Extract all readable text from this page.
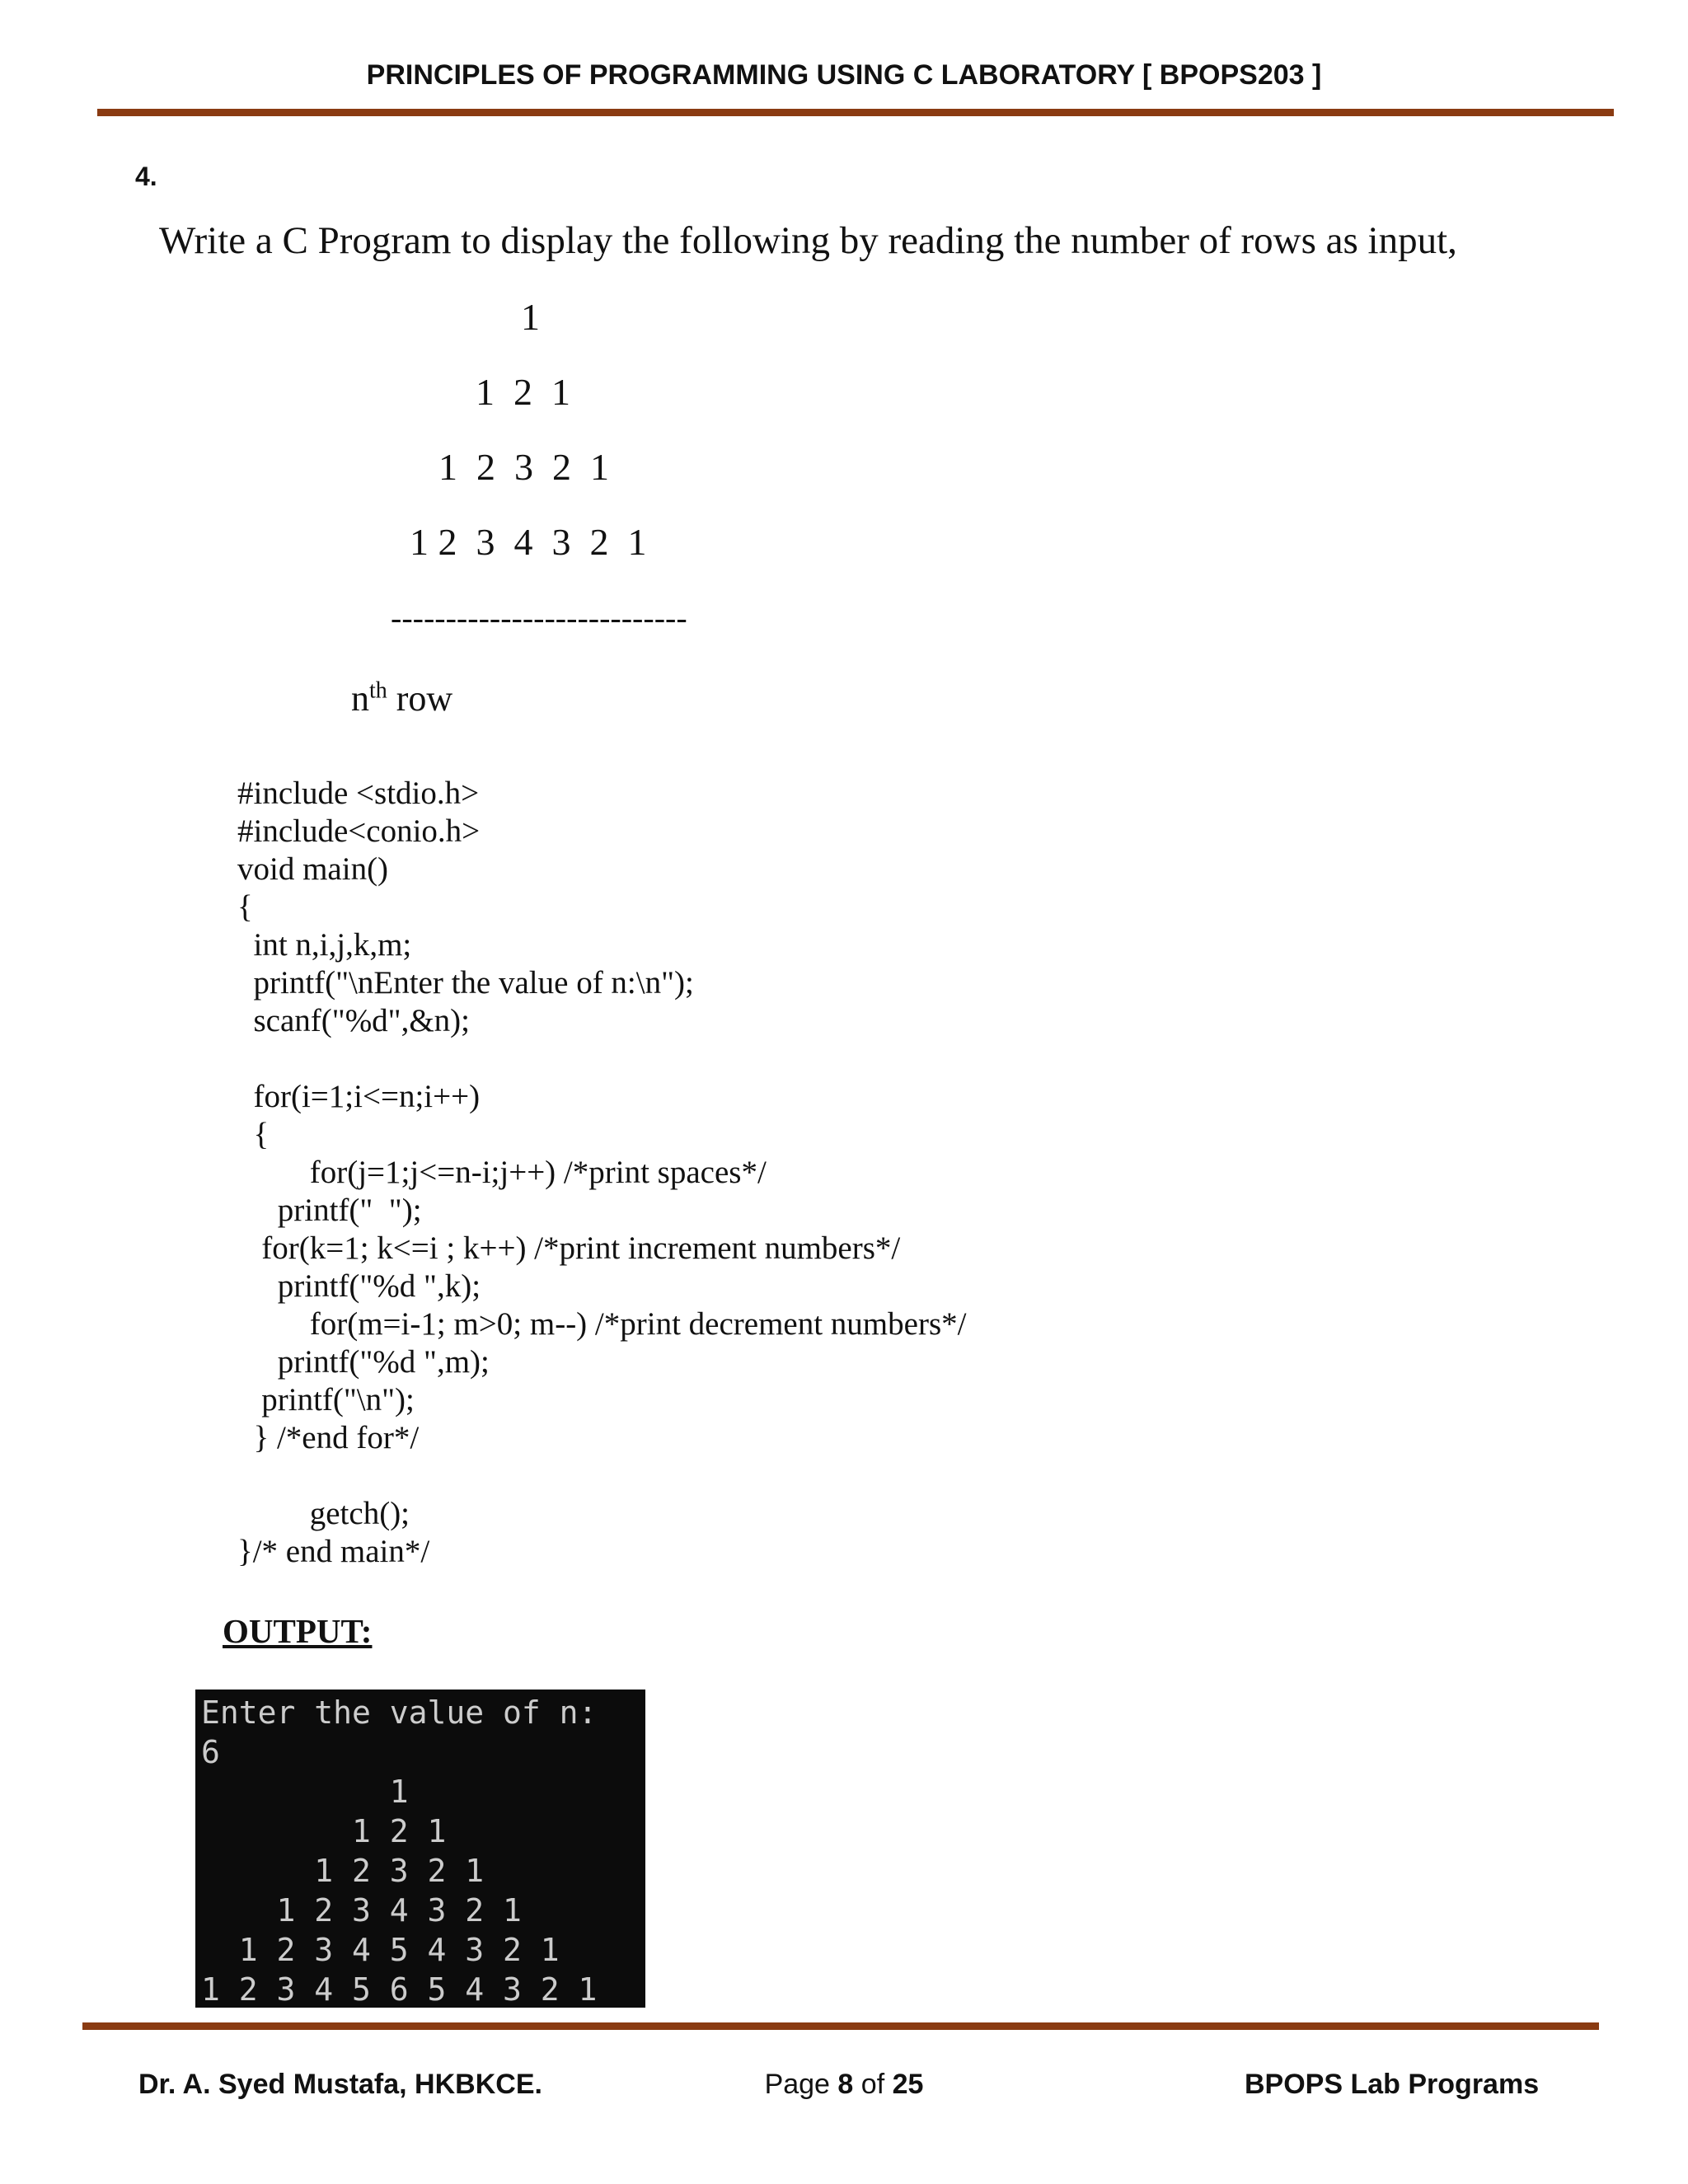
PRINCIPLES OF PROGRAMMING USING C LABORATORY [ BPOPS203 ]
4.
Write a C Program to display the following by reading the number of rows as input,
1
1  2  1
1  2  3  2  1
1 2  3  4  3  2  1
---------------------------
$n^{th}$ row
#include <stdio.h>
#include<conio.h>
void main()
{
int n,i,j,k,m;
printf("\nEnter the value of n:\n");
scanf("%d",&n);

for(i=1;i<=n;i++)
{
for(j=1;j<=n-i;j++) /*print spaces*/
printf("  ");
for(k=1; k<=i ; k++) /*print increment numbers*/
printf("%d ",k);
for(m=i-1; m>0; m--) /*print decrement numbers*/
printf("%d ",m);
printf("\n");
} /*end for*/

getch();
}/* end main*/
OUTPUT:
Enter the value of n:
6
1
1 2 1
1 2 3 2 1
1 2 3 4 3 2 1
1 2 3 4 5 4 3 2 1
1 2 3 4 5 6 5 4 3 2 1
Dr. A. Syed Mustafa, HKBKCE.	Page 8 of 25	BPOPS Lab Programs
